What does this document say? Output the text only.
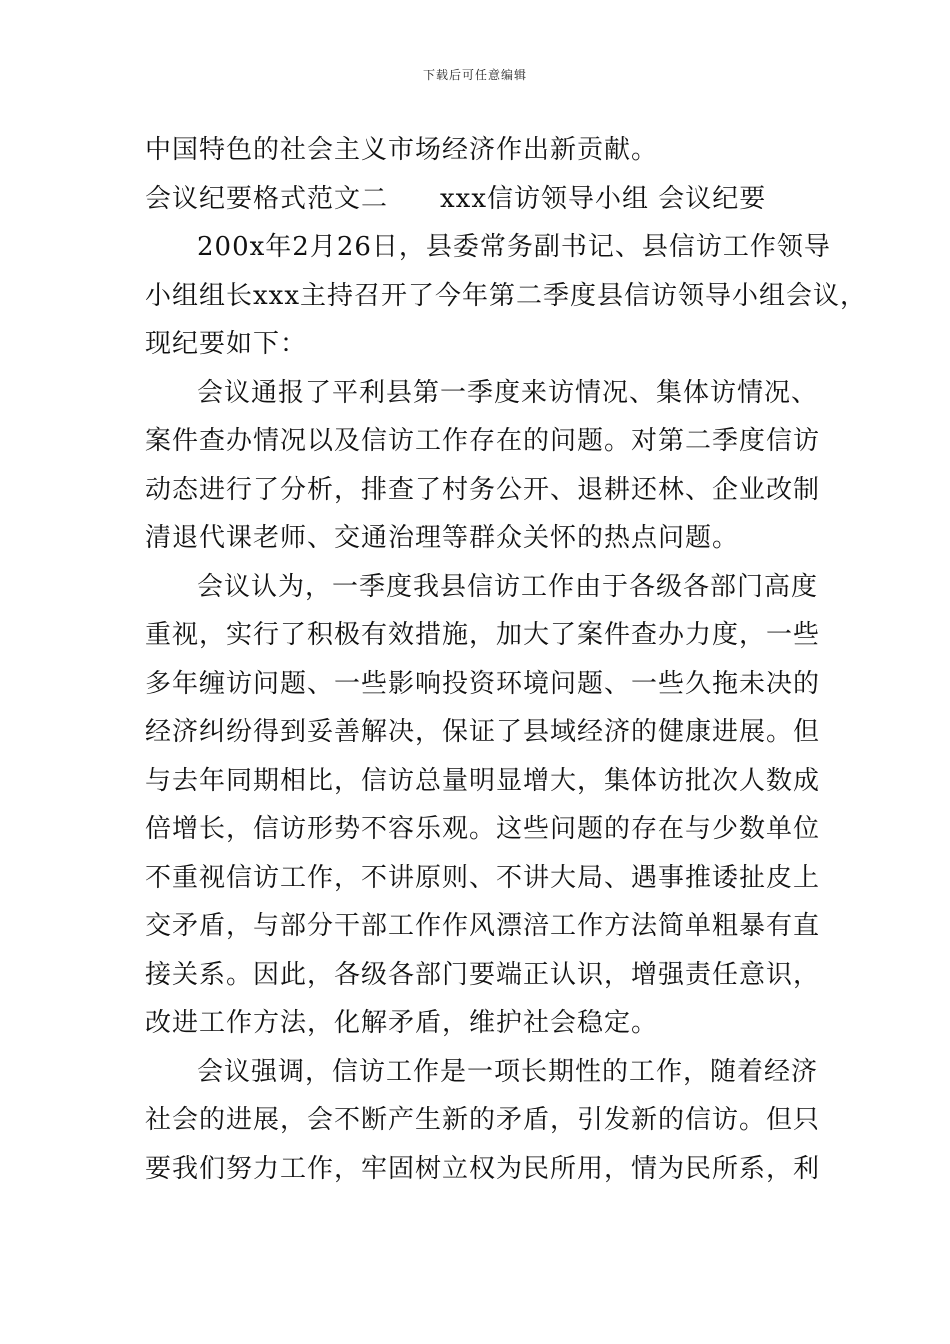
下载后可任意编辑
中国特色的社会主义市场经济作出新贡献。
会议纪要格式范文二 xxx信访领导小组 会议纪要
200x年2月26日，县委常务副书记、县信访工作领导
小组组长xxx主持召开了今年第二季度县信访领导小组会议，
现纪要如下：
会议通报了平利县第一季度来访情况、集体访情况、
案件查办情况以及信访工作存在的问题。对第二季度信访
动态进行了分析，排查了村务公开、退耕还林、企业改制
清退代课老师、交通治理等群众关怀的热点问题。
会议认为，一季度我县信访工作由于各级各部门高度
重视，实行了积极有效措施，加大了案件查办力度，一些
多年缠访问题、一些影响投资环境问题、一些久拖未决的
经济纠纷得到妥善解决，保证了县域经济的健康进展。但
与去年同期相比，信访总量明显增大，集体访批次人数成
倍增长，信访形势不容乐观。这些问题的存在与少数单位
不重视信访工作，不讲原则、不讲大局、遇事推诿扯皮上
交矛盾，与部分干部工作作风漂涪工作方法简单粗暴有直
接关系。因此，各级各部门要端正认识，增强责任意识，
改进工作方法，化解矛盾，维护社会稳定。
会议强调，信访工作是一项长期性的工作，随着经济
社会的进展，会不断产生新的矛盾，引发新的信访。但只
要我们努力工作，牢固树立权为民所用，情为民所系，利
